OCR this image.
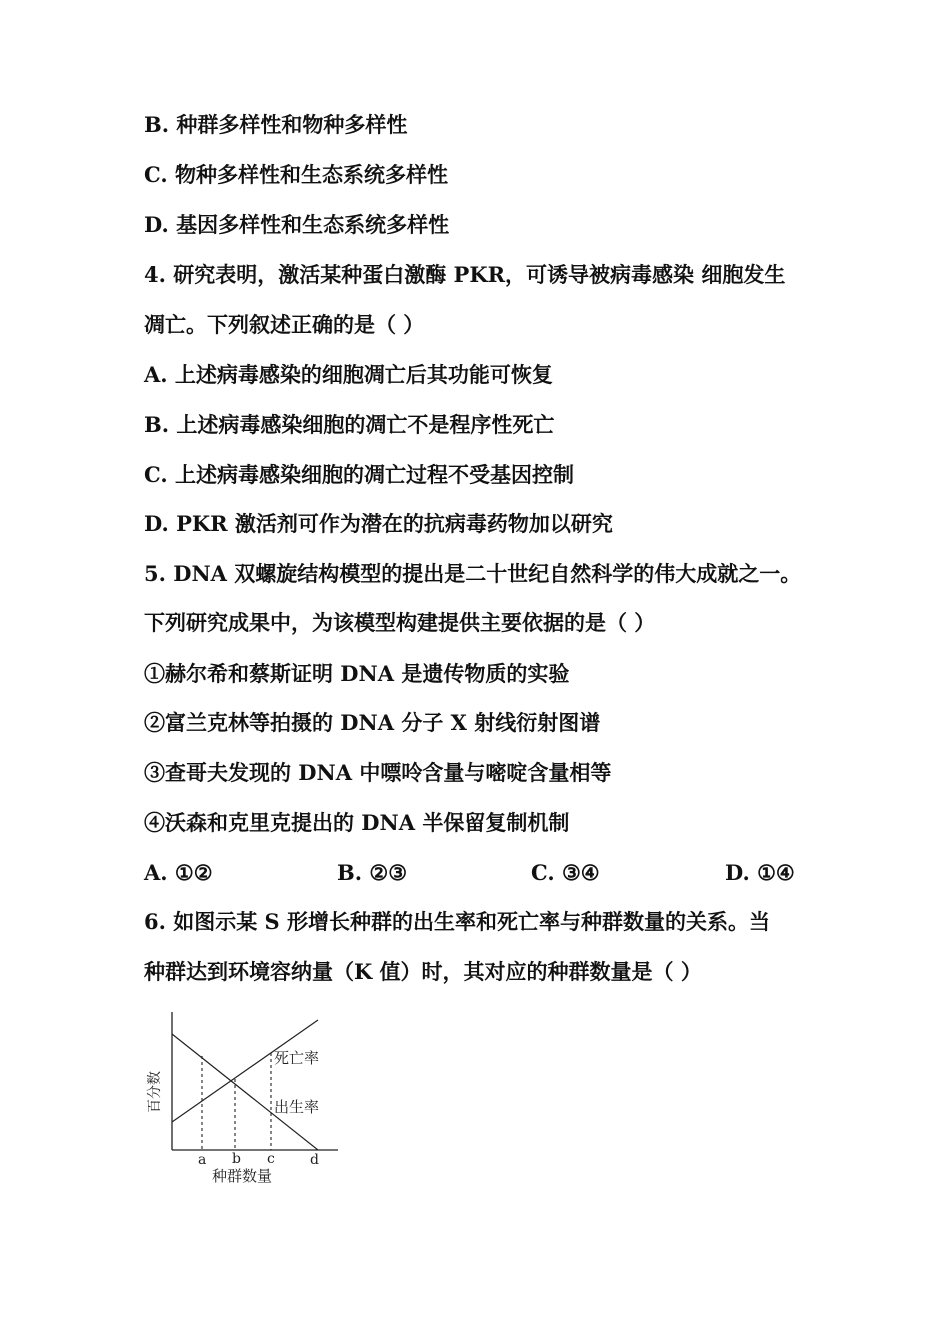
B. 种群多样性和物种多样性
C. 物种多样性和生态系统多样性
D. 基因多样性和生态系统多样性
4. 研究表明，激活某种蛋白激酶 PKR，可诱导被病毒感染 细胞发生
凋亡。下列叙述正确的是（ ）
A. 上述病毒感染的细胞凋亡后其功能可恢复
B. 上述病毒感染细胞的凋亡不是程序性死亡
C. 上述病毒感染细胞的凋亡过程不受基因控制
D. PKR 激活剂可作为潜在的抗病毒药物加以研究
5. DNA 双螺旋结构模型的提出是二十世纪自然科学的伟大成就之一。
下列研究成果中，为该模型构建提供主要依据的是（ ）
①赫尔希和蔡斯证明 DNA 是遗传物质的实验
②富兰克林等拍摄的 DNA 分子 X 射线衍射图谱
③查哥夫发现的 DNA 中嘌呤含量与嘧啶含量相等
④沃森和克里克提出的 DNA 半保留复制机制
A. ①②	B. ②③	C. ③④	D. ①④
6. 如图示某 S 形增长种群的出生率和死亡率与种群数量的关系。当
种群达到环境容纳量（K 值）时，其对应的种群数量是（ ）
死亡率
出生率
百分数
a b c	d
种群数量
